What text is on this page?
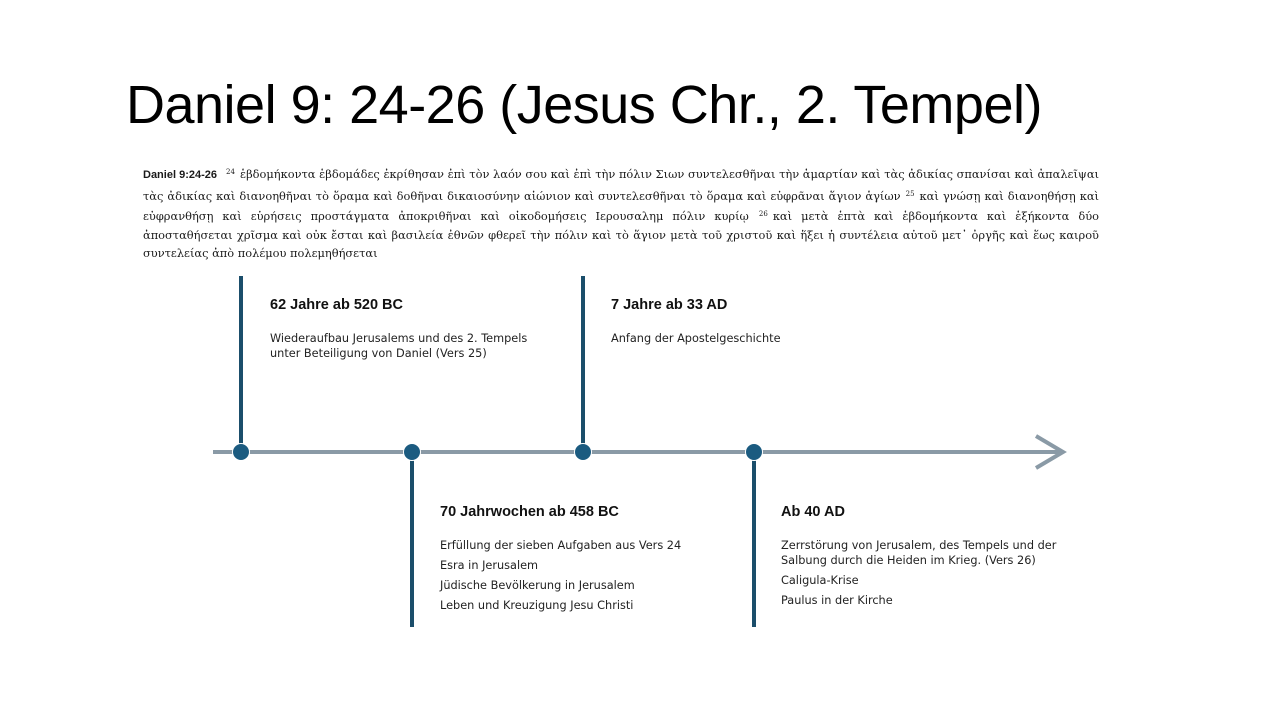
Daniel 9: 24-26 (Jesus Chr., 2. Tempel)

Daniel 9:24-26 $^{24}$ ἑβδομήκοντα ἑβδομάδες ἐκρίθησαν ἐπὶ τὸν λαόν σου καὶ ἐπὶ τὴν πόλιν Σιων συντελεσθῆναι τὴν ἁμαρτίαν καὶ τὰς ἀδικίας σπανίσαι καὶ ἀπαλεῖψαι τὰς ἀδικίας καὶ διανοηθῆναι τὸ ὅραμα καὶ δοθῆναι δικαιοσύνην αἰώνιον καὶ συντελεσθῆναι τὸ ὅραμα καὶ εὐφρᾶναι ἅγιον ἁγίων $^{25}$ καὶ γνώσῃ καὶ διανοηθήσῃ καὶ εὐφρανθήσῃ καὶ εὑρήσεις προστάγματα ἀποκριθῆναι καὶ οἰκοδομήσεις Ιερουσαλημ πόλιν κυρίῳ $^{26}$ καὶ μετὰ ἑπτὰ καὶ ἑβδομήκοντα καὶ ἑξήκοντα δύο ἀποσταθήσεται χρῖσμα καὶ οὐκ ἔσται καὶ βασιλεία ἐθνῶν φθερεῖ τὴν πόλιν καὶ τὸ ἅγιον μετὰ τοῦ χριστοῦ καὶ ἥξει ἡ συντέλεια αὐτοῦ μετ᾽ ὀργῆς καὶ ἕως καιροῦ συντελείας ἀπὸ πολέμου πολεμηθήσεται

62 Jahre ab 520 BC

Wiederaufbau Jerusalems und des 2. Tempels unter Beteiligung von Daniel (Vers 25)

70 Jahrwochen ab 458 BC

Erfüllung der sieben Aufgaben aus Vers 24
Esra in Jerusalem
Jüdische Bevölkerung in Jerusalem
Leben und Kreuzigung Jesu Christi

7 Jahre ab 33 AD

Anfang der Apostelgeschichte

Ab 40 AD

Zerrstörung von Jerusalem, des Tempels und der Salbung durch die Heiden im Krieg. (Vers 26)
Caligula-Krise
Paulus in der Kirche
